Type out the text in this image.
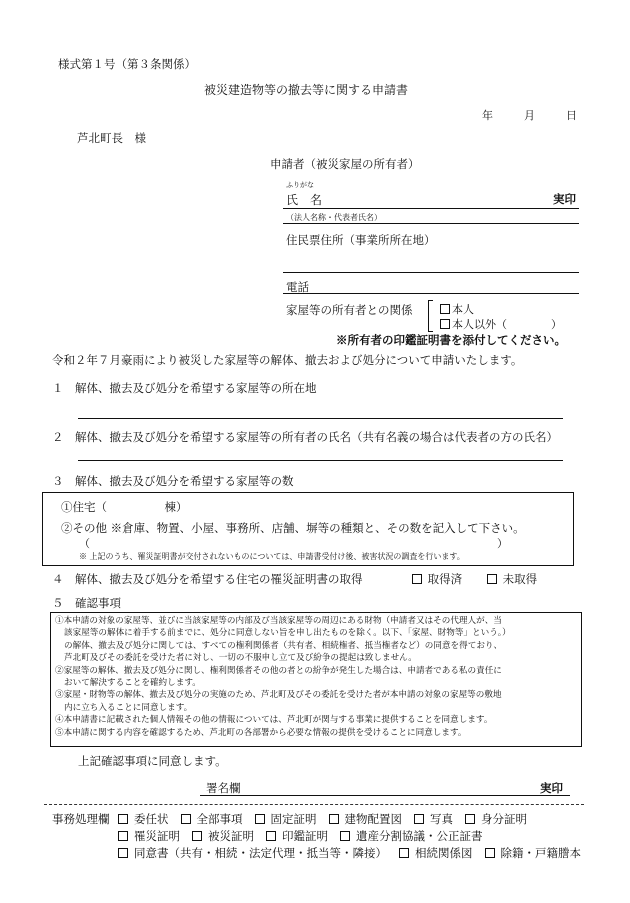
様式第１号（第３条関係）
被災建造物等の撤去等に関する申請書
年	月	日
芦北町長　様
申請者（被災家屋の所有者）
ふりがな
氏　名	実印
（法人名称・代表者氏名）
住民票住所（事業所所在地）
電話
家屋等の所有者との関係	本人
本人以外（　　　　）
※所有者の印鑑証明書を添付してください。
令和２年７月豪雨により被災した家屋等の解体、撤去および処分について申請いたします。
１　解体、撤去及び処分を希望する家屋等の所在地
２　解体、撤去及び処分を希望する家屋等の所有者の氏名（共有名義の場合は代表者の方の氏名）
３　解体、撤去及び処分を希望する家屋等の数
①住宅（　　　　　棟）
②その他 ※倉庫、物置、小屋、事務所、店舗、塀等の種類と、その数を記入して下さい。
（　　　　　　　　　　　　　　　　　　　　　　　　　　　　　　　　　　　　　）
※ 上記のうち、罹災証明書が交付されないものについては、申請書受付け後、被害状況の調査を行います。
４　解体、撤去及び処分を希望する住宅の罹災証明書の取得	取得済	未取得
５　確認事項

①本申請の対象の家屋等、並びに当該家屋等の内部及び当該家屋等の周辺にある財物（申請者又はその代理人が、当

該家屋等の解体に着手する前までに、処分に同意しない旨を申し出たものを除く。以下、「家屋、財物等」という。）

の解体、撤去及び処分に関しては、すべての権利関係者（共有者、相続権者、抵当権者など）の同意を得ており、

芦北町及びその委託を受けた者に対し、一切の不服申し立て及び紛争の提起は致しません。

②家屋等の解体、撤去及び処分に関し、権利関係者その他の者との紛争が発生した場合は、申請者である私の責任に

おいて解決することを確約します。

③家屋・財物等の解体、撤去及び処分の実施のため、芦北町及びその委託を受けた者が本申請の対象の家屋等の敷地

内に立ち入ることに同意します。

④本申請書に記載された個人情報その他の情報については、芦北町が関与する事業に提供することを同意します。

⑤本申請に関する内容を確認するため、芦北町の各部署から必要な情報の提供を受けることに同意します。

上記確認事項に同意します。
署名欄	実印
事務処理欄	委任状 全部事項 固定証明 建物配置図 写真 身分証明
罹災証明 被災証明 印鑑証明 遺産分割協議・公正証書
同意書（共有・相続・法定代理・抵当等・隣接） 相続関係図 除籍・戸籍謄本
